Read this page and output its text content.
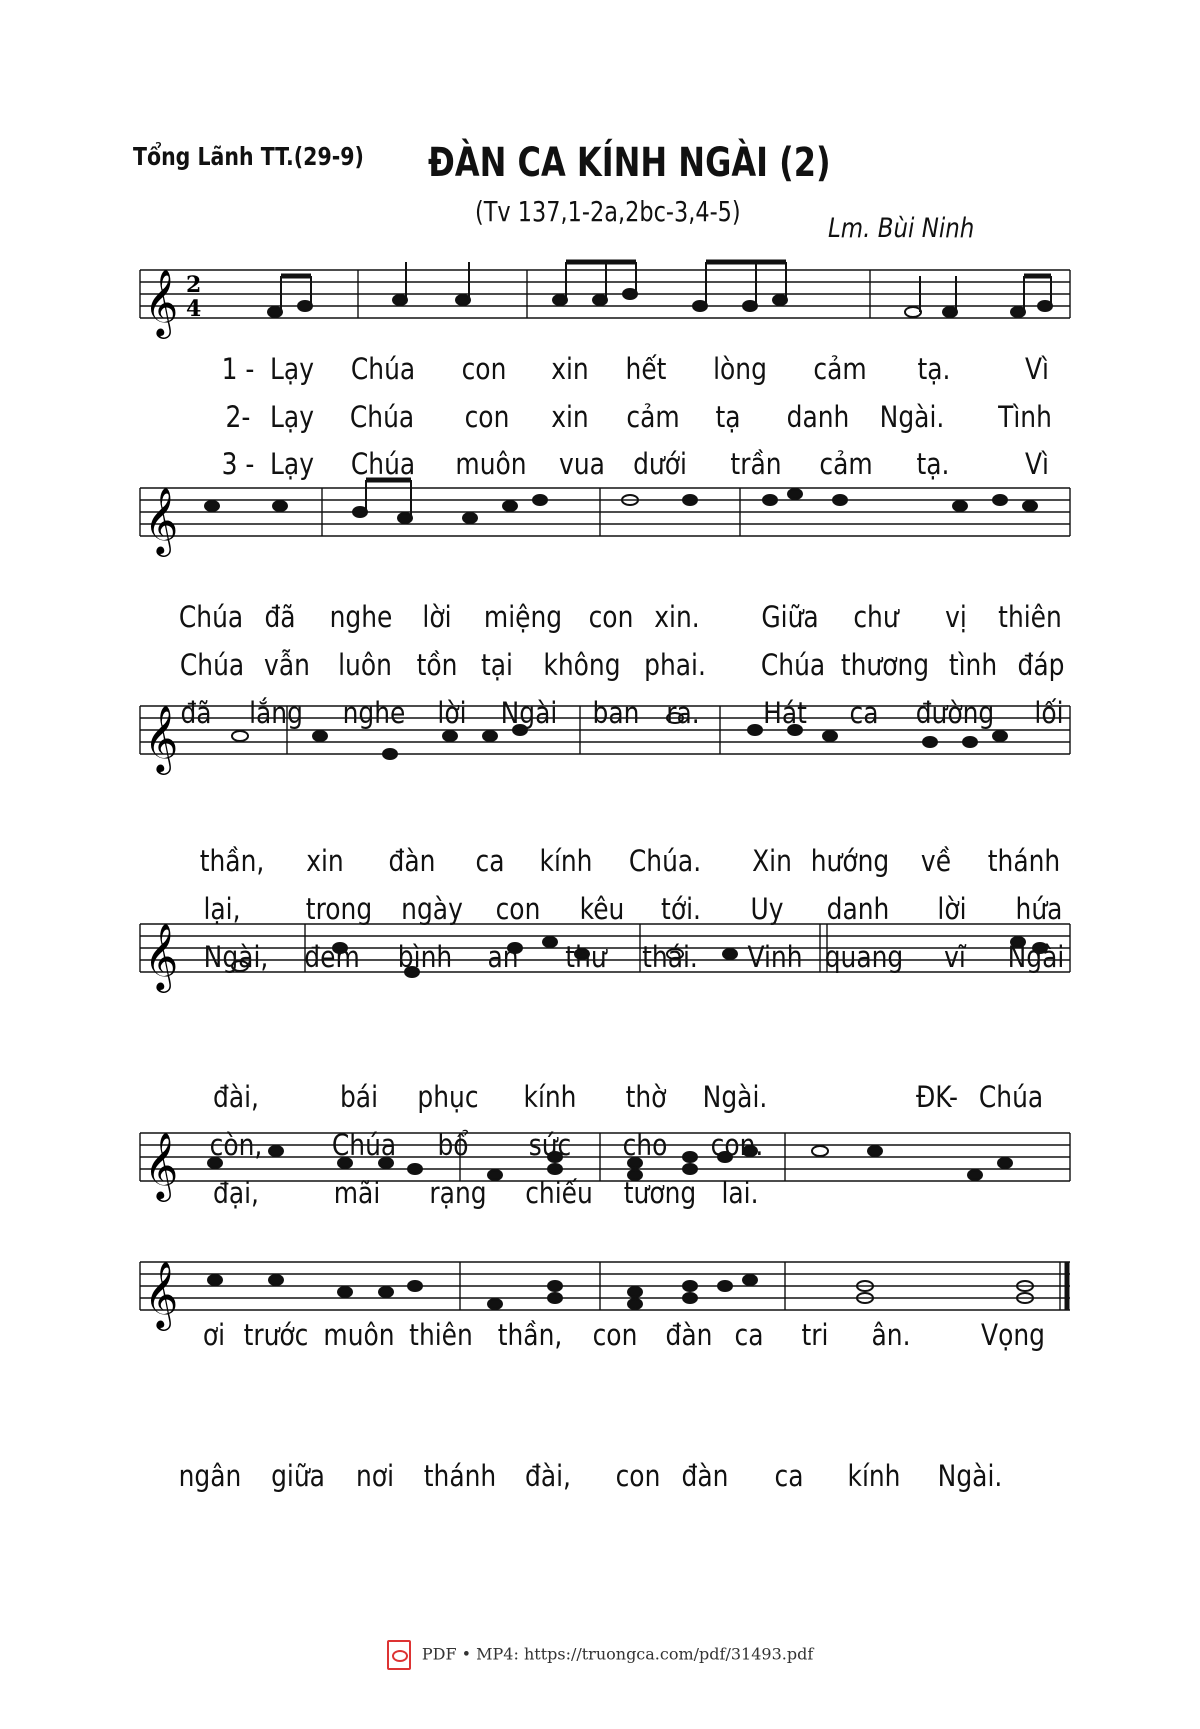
Tổng Lãnh TT.(29-9) ĐÀN CA KÍNH NGÀI (2)
(Tv 137,1-2a,2bc-3,4-5)
Lm. Bùi Ninh
𝄞 2
4
𝄞
𝄞
𝄞
𝄞
𝄞
1 - Lạy	Chúa	con	xin	hết	lòng	cảm	tạ.	Vì
2- Lạy	Chúa	con	xin	cảm	tạ	danh	Ngài.	Tình
3 - Lạy	Chúa	muôn	vua dưới	trần	cảm	tạ.	Vì
Chúa đã	nghe	lời	miệng con xin.	Giữa	chư	vị	thiên
Chúa vẫn luôn tồn tại	không phai.	Chúa thương tình đáp
đã	lắng	nghe	lời	Ngài	ban ra.	Hát	ca	đường	lối
thần,	xin	đàn	ca	kính	Chúa.	Xin hướng	về	thánh
lại,	trong ngày	con	kêu	tới.	Uy	danh	lời	hứa
Ngài,	đem	bình	an	thư	thái.	Vinh quang	vĩ	Ngài
đài,	bái	phục	kính	thờ	Ngài.	ĐK- Chúa
còn,	Chúa	bổ	sức	cho	con.
đại,	mãi	rạng	chiếu	tương lai.
ơi trước muôn thiên thần,	con đàn ca	tri	ân.	Vọng
ngân	giữa	nơi	thánh đài,	con đàn	ca	kính	Ngài.
PDF • MP4: https://truongca.com/pdf/31493.pdf
